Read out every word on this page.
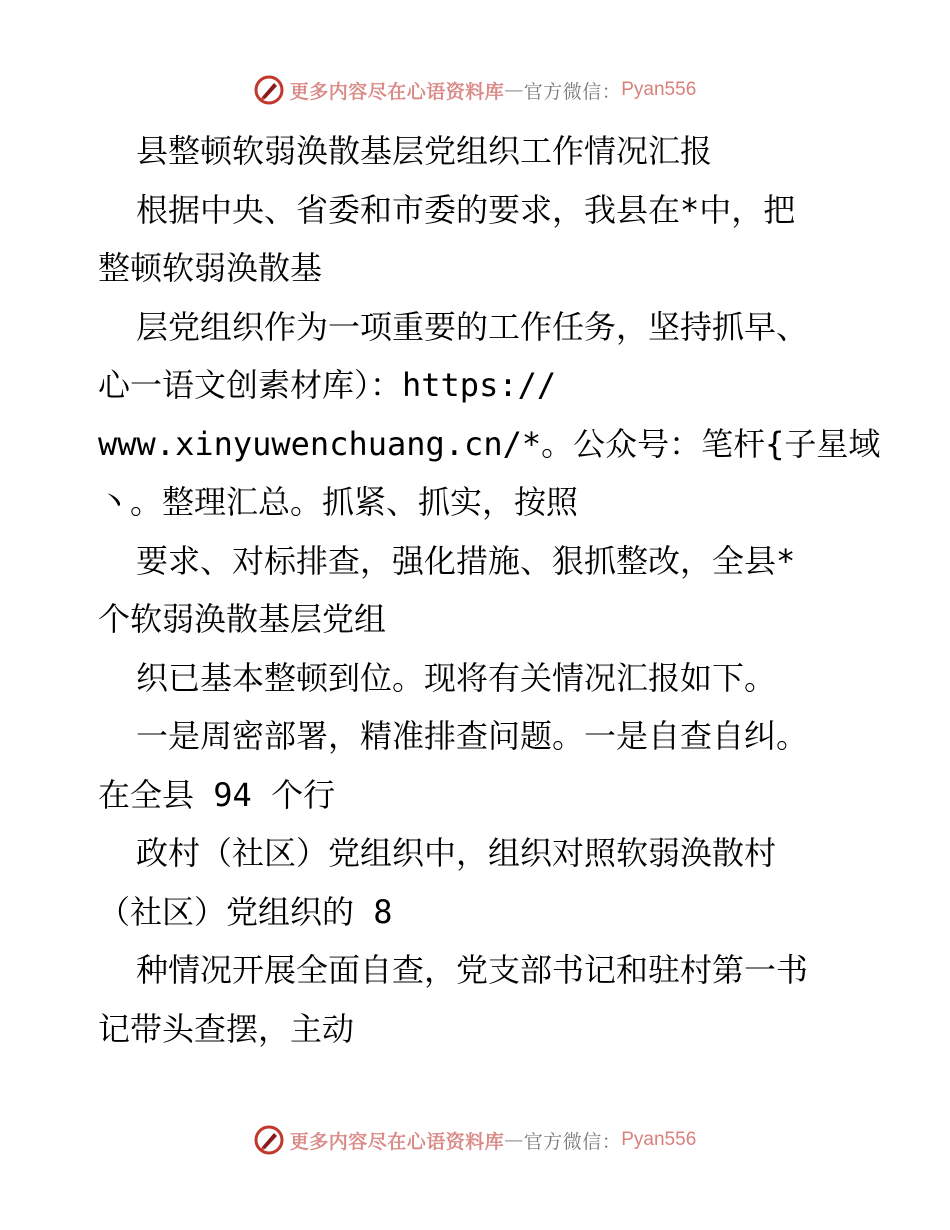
更多内容尽在心语资料库 — 官方微信： Pyan556

县整顿软弱涣散基层党组织工作情况汇报

根据中央、省委和市委的要求，我县在*中，把

整顿软弱涣散基

层党组织作为一项重要的工作任务，坚持抓早、

心一语文创素材库）：https://

www.xinyuwenchuang.cn/*。公众号：笔杆{子星域

丶。整理汇总。抓紧、抓实，按照

要求、对标排查，强化措施、狠抓整改，全县*

个软弱涣散基层党组

织已基本整顿到位。现将有关情况汇报如下。

一是周密部署，精准排查问题。一是自查自纠。

在全县 94 个行

政村（社区）党组织中，组织对照软弱涣散村

（社区）党组织的 8

种情况开展全面自查，党支部书记和驻村第一书

记带头查摆，主动

更多内容尽在心语资料库 — 官方微信： Pyan556
